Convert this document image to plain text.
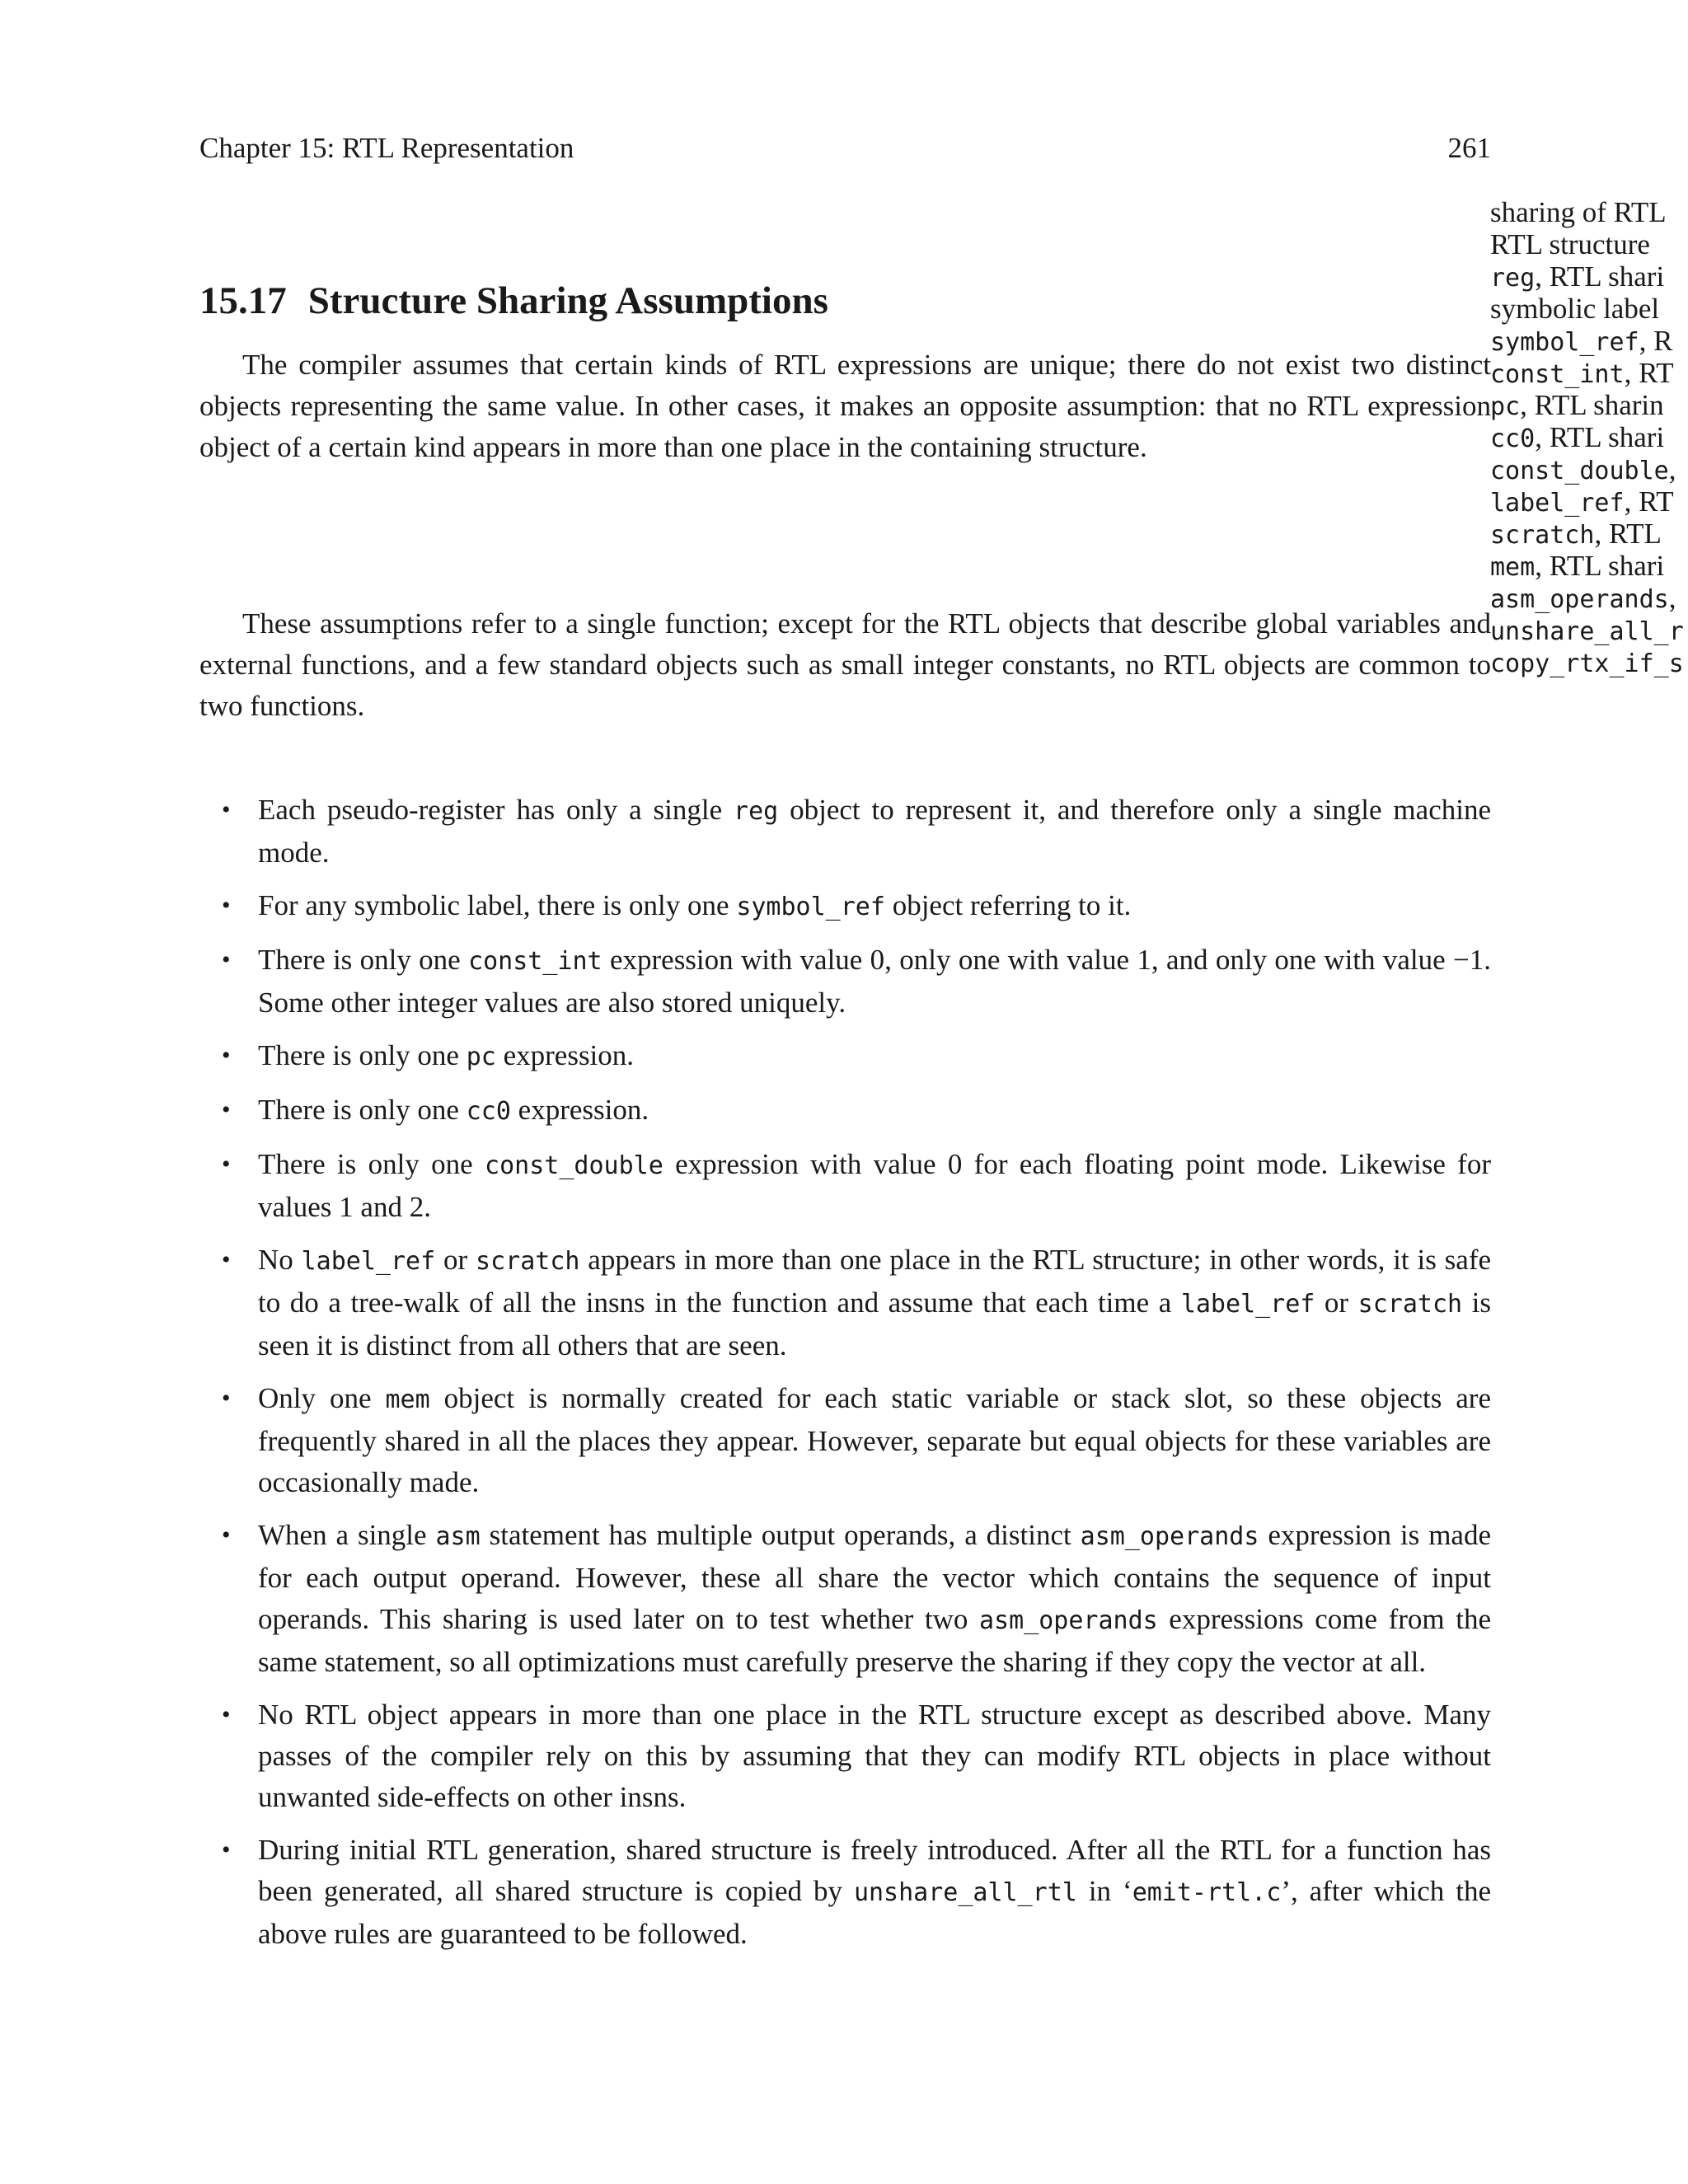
Chapter 15: RTL Representation	261
sharing of RTL
RTL structure
reg, RTL shari
symbolic label
symbol_ref, R
const_int, RT
pc, RTL sharin
cc0, RTL shari
const_double,
label_ref, RT
scratch, RTL
mem, RTL shari
asm_operands,
unshare_all_r
copy_rtx_if_s
15.17 Structure Sharing Assumptions

The compiler assumes that certain kinds of RTL expressions are unique; there do not exist two distinct objects representing the same value. In other cases, it makes an opposite assumption: that no RTL expression object of a certain kind appears in more than one place in the containing structure.

These assumptions refer to a single function; except for the RTL objects that describe global variables and external functions, and a few standard objects such as small integer constants, no RTL objects are common to two functions.

• Each pseudo-register has only a single reg object to represent it, and therefore only a single machine mode.
• For any symbolic label, there is only one symbol_ref object referring to it.
• There is only one const_int expression with value 0, only one with value 1, and only one with value −1. Some other integer values are also stored uniquely.
• There is only one pc expression.
• There is only one cc0 expression.
• There is only one const_double expression with value 0 for each floating point mode. Likewise for values 1 and 2.
• No label_ref or scratch appears in more than one place in the RTL structure; in other words, it is safe to do a tree-walk of all the insns in the function and assume that each time a label_ref or scratch is seen it is distinct from all others that are seen.
• Only one mem object is normally created for each static variable or stack slot, so these objects are frequently shared in all the places they appear. However, separate but equal objects for these variables are occasionally made.
• When a single asm statement has multiple output operands, a distinct asm_operands expression is made for each output operand. However, these all share the vector which contains the sequence of input operands. This sharing is used later on to test whether two asm_operands expressions come from the same statement, so all optimizations must carefully preserve the sharing if they copy the vector at all.
• No RTL object appears in more than one place in the RTL structure except as described above. Many passes of the compiler rely on this by assuming that they can modify RTL objects in place without unwanted side-effects on other insns.
• During initial RTL generation, shared structure is freely introduced. After all the RTL for a function has been generated, all shared structure is copied by unshare_all_rtl in ‘emit-rtl.c’, after which the above rules are guaranteed to be followed.
